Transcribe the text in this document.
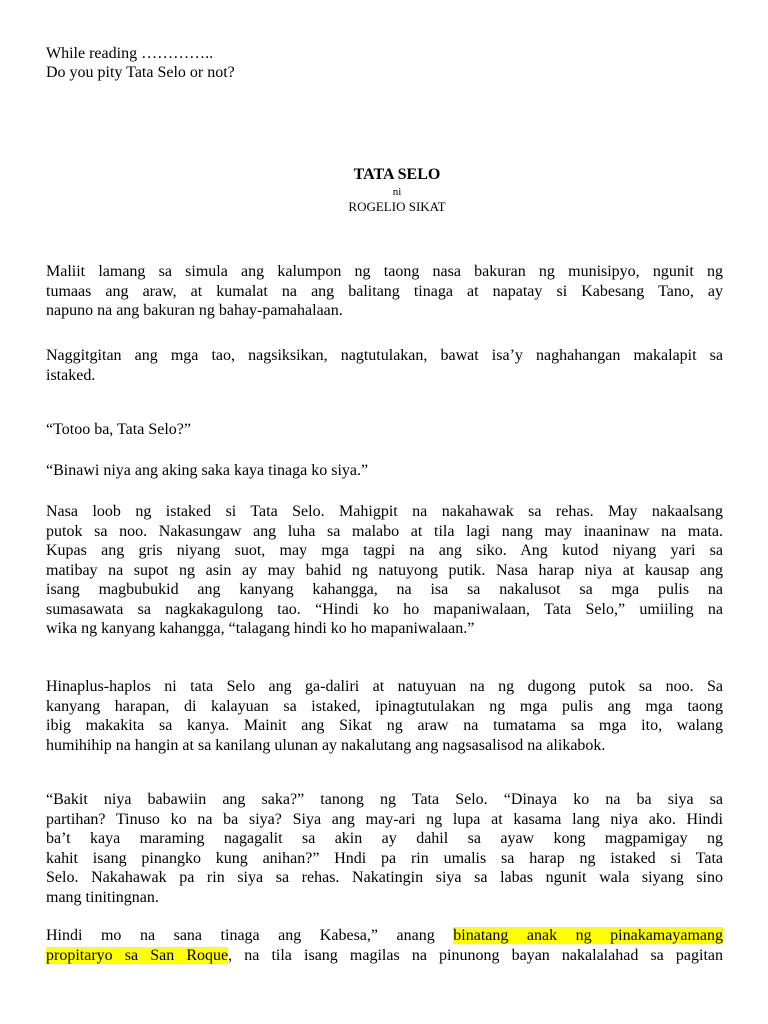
While reading …………..
Do you pity Tata Selo or not?
TATA SELO
ni
ROGELIO SIKAT
Maliit lamang sa simula ang kalumpon ng taong nasa bakuran ng munisipyo, ngunit ng
tumaas ang araw, at kumalat na ang balitang tinaga at napatay si Kabesang Tano, ay
napuno na ang bakuran ng bahay-pamahalaan.
Naggitgitan ang mga tao, nagsiksikan, nagtutulakan, bawat isa’y naghahangan makalapit sa
istaked.
“Totoo ba, Tata Selo?”
“Binawi niya ang aking saka kaya tinaga ko siya.”
Nasa loob ng istaked si Tata Selo. Mahigpit na nakahawak sa rehas. May nakaalsang
putok sa noo. Nakasungaw ang luha sa malabo at tila lagi nang may inaaninaw na mata.
Kupas ang gris niyang suot, may mga tagpi na ang siko. Ang kutod niyang yari sa
matibay na supot ng asin ay may bahid ng natuyong putik. Nasa harap niya at kausap ang
isang magbubukid ang kanyang kahangga, na isa sa nakalusot sa mga pulis na
sumasawata sa nagkakagulong tao. “Hindi ko ho mapaniwalaan, Tata Selo,” umiiling na
wika ng kanyang kahangga, “talagang hindi ko ho mapaniwalaan.”
Hinaplus-haplos ni tata Selo ang ga-daliri at natuyuan na ng dugong putok sa noo. Sa
kanyang harapan, di kalayuan sa istaked, ipinagtutulakan ng mga pulis ang mga taong
ibig makakita sa kanya. Mainit ang Sikat ng araw na tumatama sa mga ito, walang
humihihip na hangin at sa kanilang ulunan ay nakalutang ang nagsasalisod na alikabok.
“Bakit niya babawiin ang saka?” tanong ng Tata Selo. “Dinaya ko na ba siya sa
partihan? Tinuso ko na ba siya? Siya ang may-ari ng lupa at kasama lang niya ako. Hindi
ba’t kaya maraming nagagalit sa akin ay dahil sa ayaw kong magpamigay ng
kahit isang pinangko kung anihan?” Hndi pa rin umalis sa harap ng istaked si Tata
Selo. Nakahawak pa rin siya sa rehas. Nakatingin siya sa labas ngunit wala siyang sino
mang tinitingnan.
Hindi mo na sana tinaga ang Kabesa,” anang binatang anak ng pinakamayamang
propitaryo sa San Roque, na tila isang magilas na pinunong bayan nakalalahad sa pagitan
